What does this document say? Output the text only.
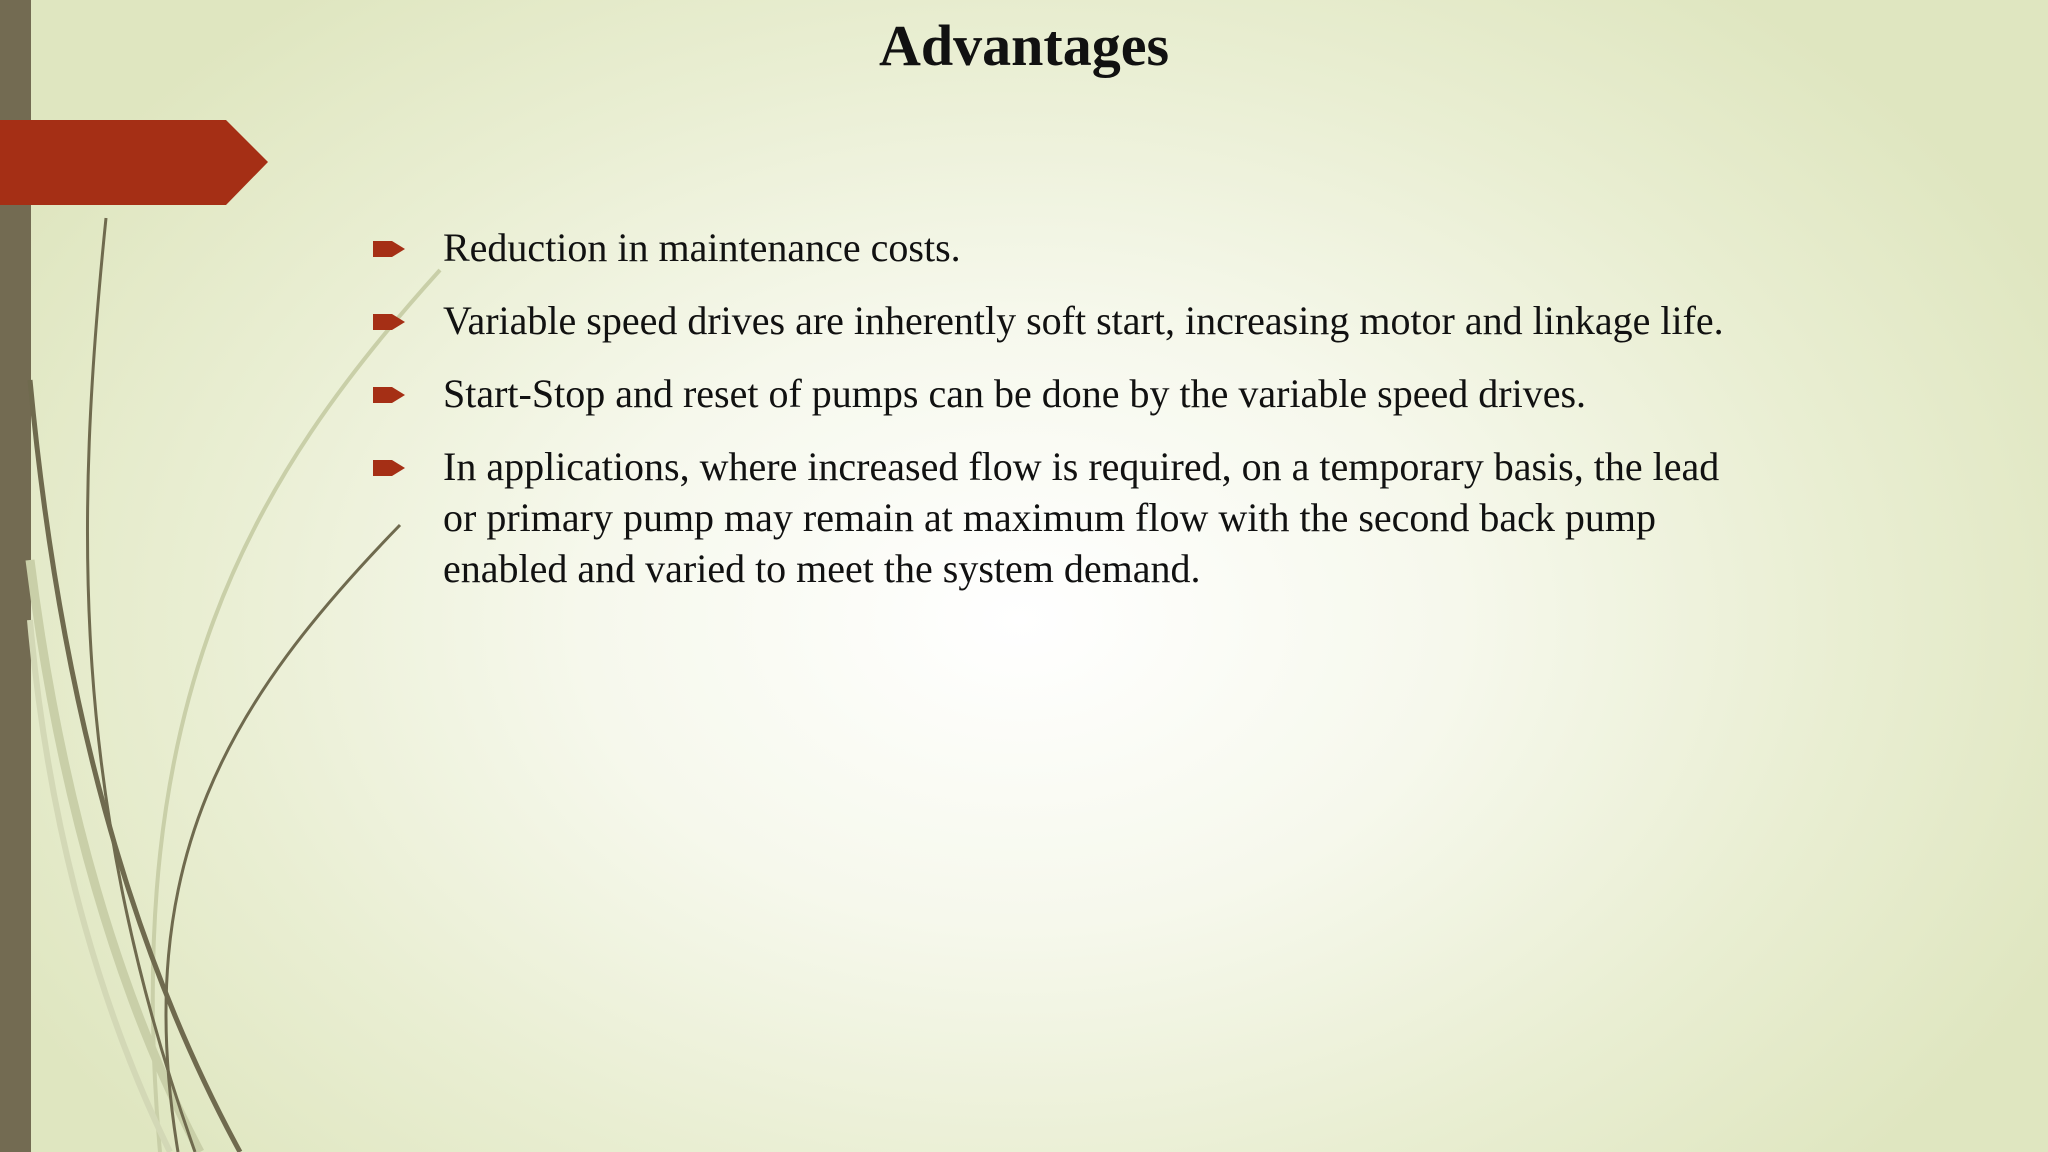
Advantages
Reduction in maintenance costs.
Variable speed drives are inherently soft start, increasing motor and linkage life.
Start-Stop and reset of pumps can be done by the variable speed drives.
In applications, where increased flow is required, on a temporary basis, the lead or primary pump may remain at maximum flow with the second back pump enabled and varied to meet the system demand.
